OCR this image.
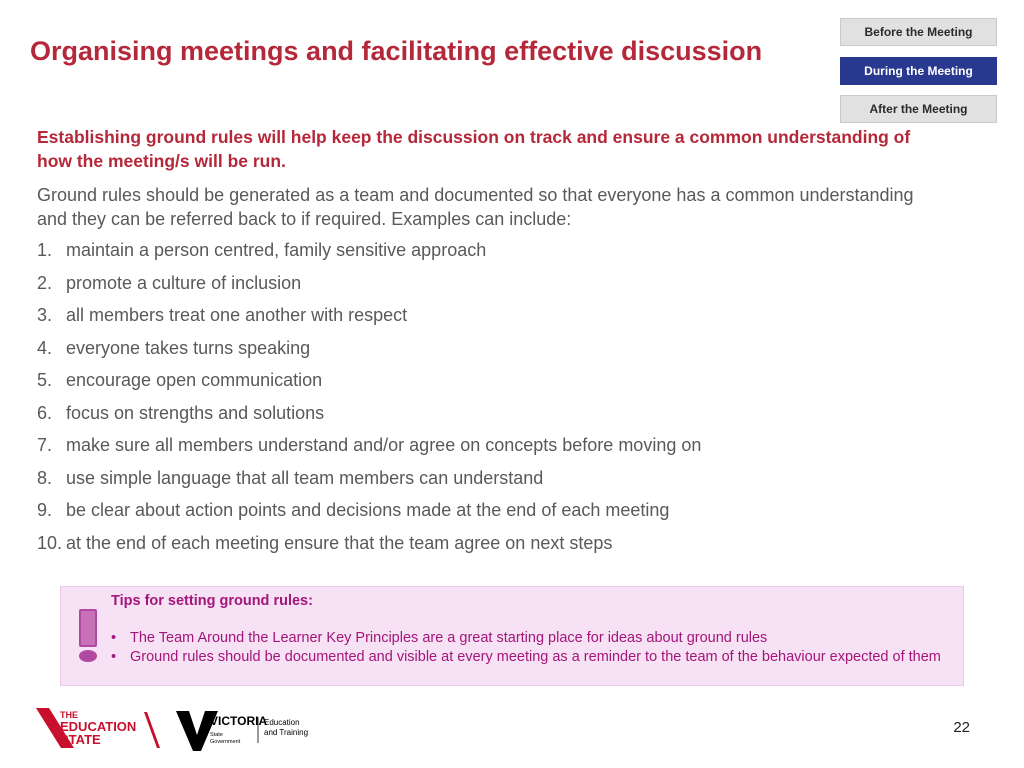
Organising meetings and facilitating effective discussion
Before the Meeting
During the Meeting
After the Meeting
Establishing ground rules will help keep the discussion on track and ensure a common understanding of how the meeting/s will be run.
Ground rules should be generated as a team and documented so that everyone has a common understanding and they can be referred back to if required. Examples can include:
1. maintain a person centred, family sensitive approach
2. promote a culture of inclusion
3. all members treat one another with respect
4. everyone takes turns speaking
5. encourage open communication
6. focus on strengths and solutions
7. make sure all members understand and/or agree on concepts before moving on
8. use simple language that all team members can understand
9. be clear about action points and decisions made at the end of each meeting
10. at the end of each meeting ensure that the team agree on next steps
Tips for setting ground rules:
• The Team Around the Learner Key Principles are a great starting place for ideas about ground rules
• Ground rules should be documented and visible at every meeting as a reminder to the team of the behaviour expected of them
THE
EDUCATION
STATE
VICTORIA
State
Government
Education
and Training	22
